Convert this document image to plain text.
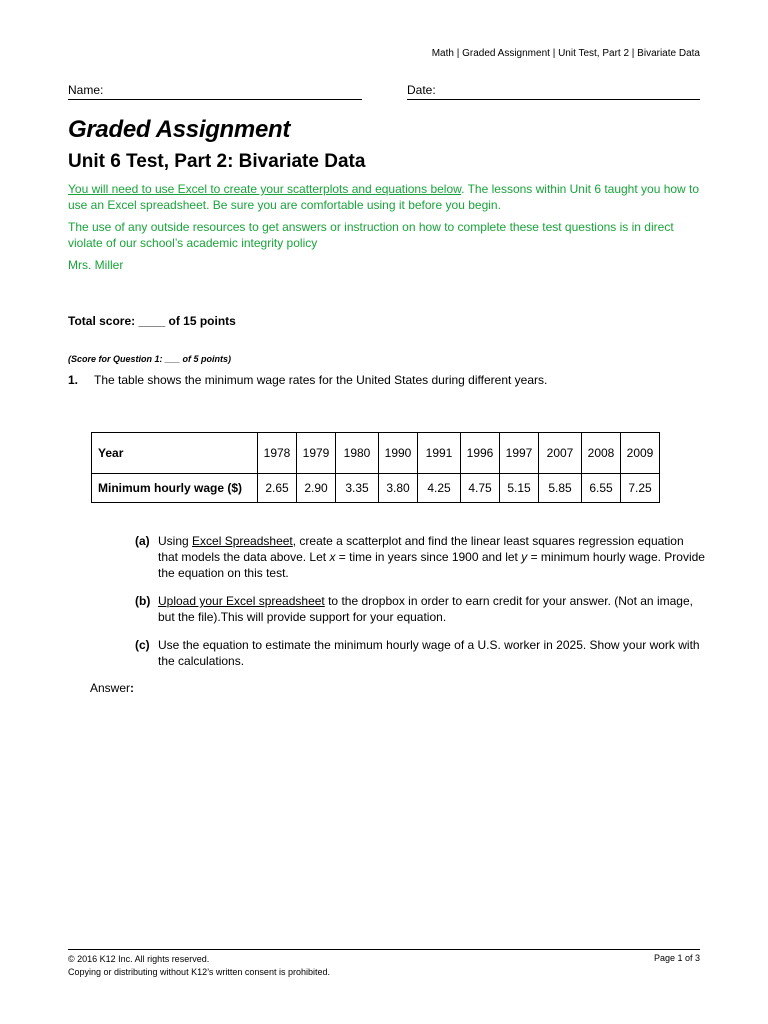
Math | Graded Assignment | Unit Test, Part 2 | Bivariate Data
Name:	Date:
Graded Assignment
Unit 6 Test, Part 2: Bivariate Data

You will need to use Excel to create your scatterplots and equations below. The lessons within Unit 6 taught you how to use an Excel spreadsheet. Be sure you are comfortable using it before you begin.

The use of any outside resources to get answers or instruction on how to complete these test questions is in direct violate of our school’s academic integrity policy

Mrs. Miller

Total score: ____ of 15 points
(Score for Question 1: ___ of 5 points)
1. The table shows the minimum wage rates for the United States during different years.
Year	1978	1979	1980	1990	1991	1996	1997	2007	2008	2009
Minimum hourly wage ($)	2.65	2.90	3.35	3.80	4.25	4.75	5.15	5.85	6.55	7.25
(a) Using Excel Spreadsheet, create a scatterplot and find the linear least squares regression equation that models the data above. Let x = time in years since 1900 and let y = minimum hourly wage. Provide the equation on this test.
(b) Upload your Excel spreadsheet to the dropbox in order to earn credit for your answer. (Not an image, but the file).This will provide support for your equation.
(c) Use the equation to estimate the minimum hourly wage of a U.S. worker in 2025. Show your work with the calculations.
Answer:
© 2016 K12 Inc. All rights reserved.
Copying or distributing without K12’s written consent is prohibited.
Page 1 of 3
